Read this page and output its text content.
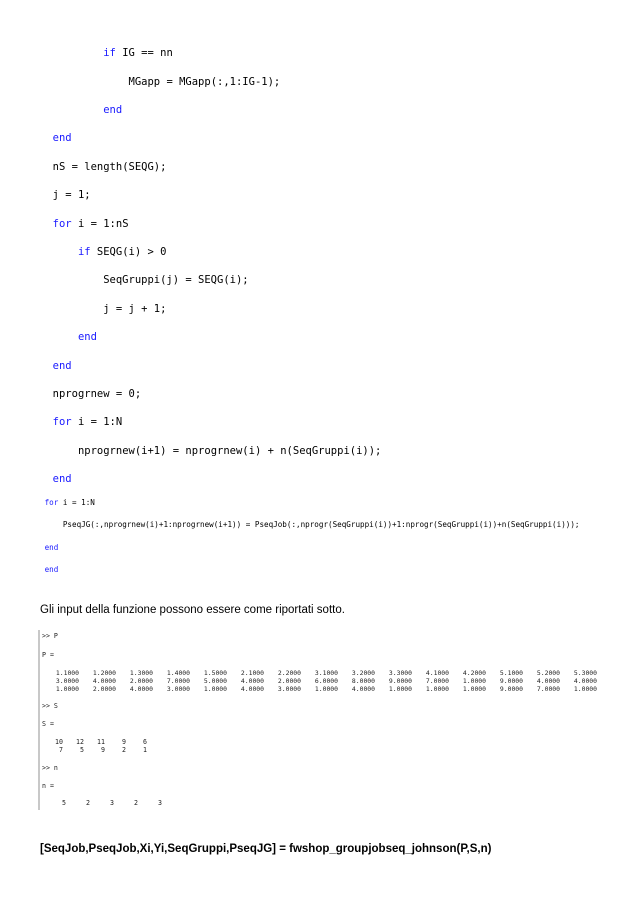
if IG == nn
MGapp = MGapp(:,1:IG-1);
end
end
nS = length(SEQG);
j = 1;
for i = 1:nS
if SEQG(i) > 0
SeqGruppi(j) = SEQG(i);
j = j + 1;
end
end
nprogrnew = 0;
for i = 1:N
nprogrnew(i+1) = nprogrnew(i) + n(SeqGruppi(i));
end
for i = 1:N
PseqJG(:,nprogrnew(i)+1:nprogrnew(i+1)) = PseqJob(:,nprogr(SeqGruppi(i))+1:nprogr(SeqGruppi(i))+n(SeqGruppi(i)));
end
end
Gli input della funzione possono essere come riportati sotto.
>> P
P =
1.1000	1.2000	1.3000	1.4000	1.5000	2.1000	2.2000	3.1000	3.2000	3.3000	4.1000	4.2000	5.1000	5.2000	5.3000
3.0000	4.0000	2.0000	7.0000	5.0000	4.0000	2.0000	6.0000	8.0000	9.0000	7.0000	1.0000	9.0000	4.0000	4.0000
1.0000	2.0000	4.0000	3.0000	1.0000	4.0000	3.0000	1.0000	4.0000	1.0000	1.0000	1.0000	9.0000	7.0000	1.0000
>> S
S =
10	12	11	9	6
7	5	9	2	1
>> n
n =
5	2	3	2	3
[SeqJob,PseqJob,Xi,Yi,SeqGruppi,PseqJG] = fwshop_groupjobseq_johnson(P,S,n)
